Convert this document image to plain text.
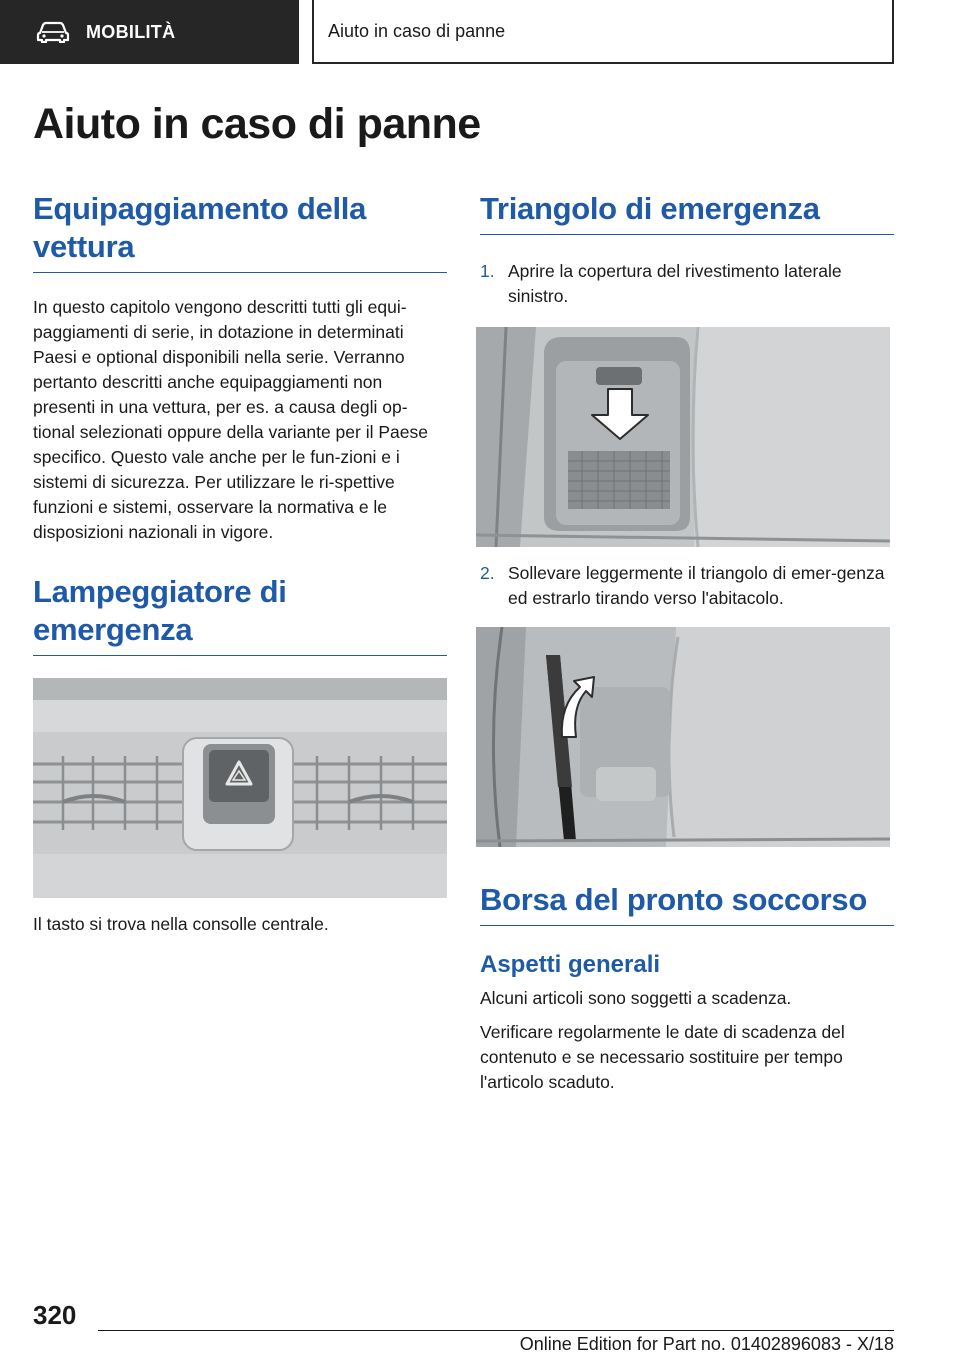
MOBILITÀ	Aiuto in caso di panne
Aiuto in caso di panne
Equipaggiamento della vettura

In questo capitolo vengono descritti tutti gli equi-paggiamenti di serie, in dotazione in determinati Paesi e optional disponibili nella serie. Verranno pertanto descritti anche equipaggiamenti non presenti in una vettura, per es. a causa degli op-tional selezionati oppure della variante per il Paese specifico. Questo vale anche per le fun-zioni e i sistemi di sicurezza. Per utilizzare le ri-spettive funzioni e sistemi, osservare la normativa e le disposizioni nazionali in vigore.

Lampeggiatore di emergenza

Il tasto si trova nella consolle centrale.

Triangolo di emergenza
1. Aprire la copertura del rivestimento laterale sinistro.
2. Sollevare leggermente il triangolo di emer-genza ed estrarlo tirando verso l'abitacolo.
Borsa del pronto soccorso
Aspetti generali

Alcuni articoli sono soggetti a scadenza.

Verificare regolarmente le date di scadenza del contenuto e se necessario sostituire per tempo l'articolo scaduto.

320
Online Edition for Part no. 01402896083 - X/18
